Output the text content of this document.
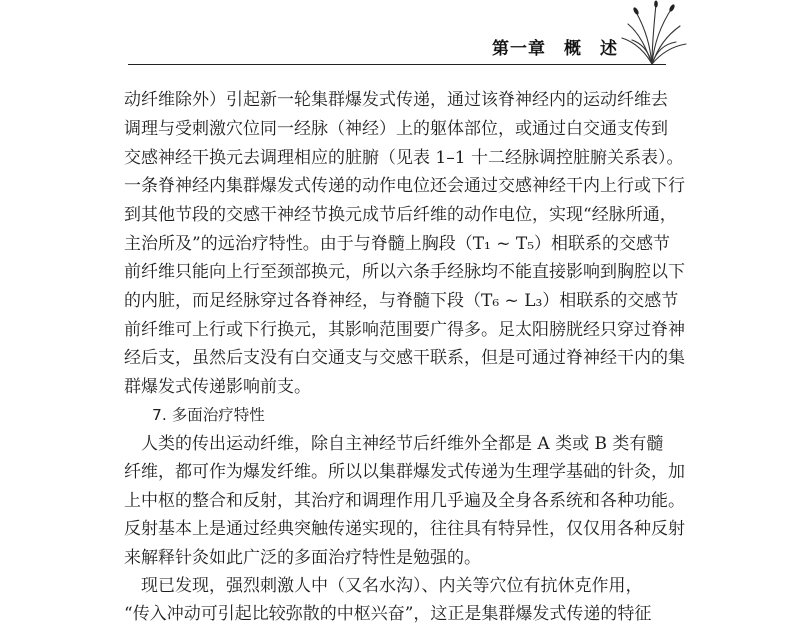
第一章　概　述
动纤维除外）引起新一轮集群爆发式传递，通过该脊神经内的运动纤维去
调理与受刺激穴位同一经脉（神经）上的躯体部位，或通过白交通支传到
交感神经干换元去调理相应的脏腑（见表 1–1 十二经脉调控脏腑关系表）。
一条脊神经内集群爆发式传递的动作电位还会通过交感神经干内上行或下行
到其他节段的交感干神经节换元成节后纤维的动作电位，实现“经脉所通，
主治所及”的远治疗特性。由于与脊髓上胸段（T₁ ~ T₅）相联系的交感节
前纤维只能向上行至颈部换元，所以六条手经脉均不能直接影响到胸腔以下
的内脏，而足经脉穿过各脊神经，与脊髓下段（T₆ ~ L₃）相联系的交感节
前纤维可上行或下行换元，其影响范围要广得多。足太阳膀胱经只穿过脊神
经后支，虽然后支没有白交通支与交感干联系，但是可通过脊神经干内的集
群爆发式传递影响前支。
7. 多面治疗特性
　人类的传出运动纤维，除自主神经节后纤维外全都是 A 类或 B 类有髓
纤维，都可作为爆发纤维。所以以集群爆发式传递为生理学基础的针灸，加
上中枢的整合和反射，其治疗和调理作用几乎遍及全身各系统和各种功能。
反射基本上是通过经典突触传递实现的，往往具有特异性，仅仅用各种反射
来解释针灸如此广泛的多面治疗特性是勉强的。
　现已发现，强烈刺激人中（又名水沟）、内关等穴位有抗休克作用，
“传入冲动可引起比较弥散的中枢兴奋”，这正是集群爆发式传递的特征
